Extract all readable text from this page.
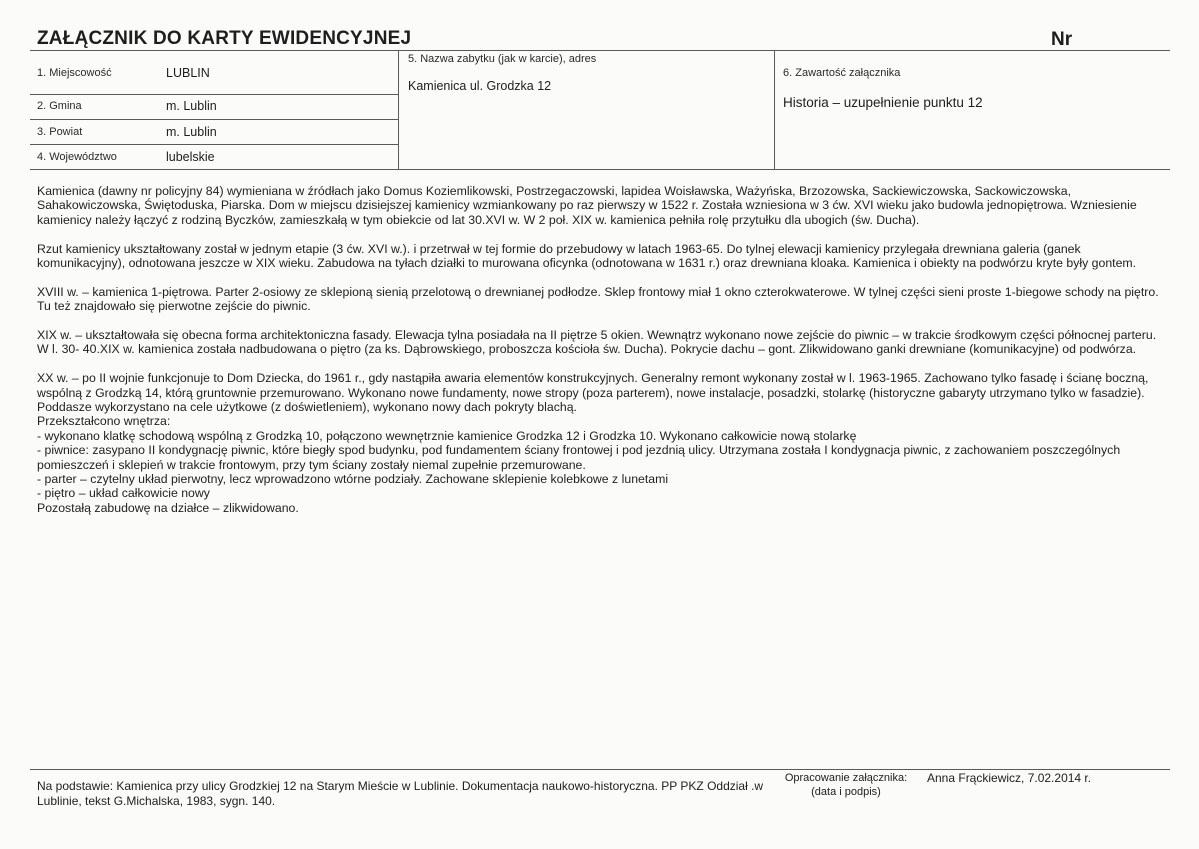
ZAŁĄCZNIK DO KARTY EWIDENCYJNEJ	Nr
1. Miejscowość	LUBLIN
2. Gmina	m. Lublin
3. Powiat	m. Lublin
4. Województwo	lubelskie
5. Nazwa zabytku (jak w karcie), adres
Kamienica ul. Grodzka 12
6. Zawartość załącznika
Historia – uzupełnienie punktu 12

Kamienica (dawny nr policyjny 84) wymieniana w źródłach jako Domus Koziemlikowski, Postrzegaczowski, lapidea Woisławska, Ważyńska, Brzozowska, Sackiewiczowska, Sackowiczowska, Sahakowiczowska, Świętoduska, Piarska. Dom w miejscu dzisiejszej kamienicy wzmiankowany po raz pierwszy w 1522 r. Została wzniesiona w 3 ćw. XVI wieku jako budowla jednopiętrowa. Wzniesienie kamienicy należy łączyć z rodziną Byczków, zamieszkałą w tym obiekcie od lat 30.XVI w. W 2 poł. XIX w. kamienica pełniła rolę przytułku dla ubogich (św. Ducha).

Rzut kamienicy ukształtowany został w jednym etapie (3 ćw. XVI w.). i przetrwał w tej formie do przebudowy w latach 1963-65. Do tylnej elewacji kamienicy przylegała drewniana galeria (ganek komunikacyjny), odnotowana jeszcze w XIX wieku. Zabudowa na tyłach działki to murowana oficynka (odnotowana w 1631 r.) oraz drewniana kloaka. Kamienica i obiekty na podwórzu kryte były gontem.

XVIII w. – kamienica 1-piętrowa. Parter 2-osiowy ze sklepioną sienią przelotową o drewnianej podłodze. Sklep frontowy miał 1 okno czterokwaterowe. W tylnej części sieni proste 1-biegowe schody na piętro. Tu też znajdowało się pierwotne zejście do piwnic.

XIX w. – ukształtowała się obecna forma architektoniczna fasady. Elewacja tylna posiadała na II piętrze 5 okien. Wewnątrz wykonano nowe zejście do piwnic – w trakcie środkowym części północnej parteru. W l. 30- 40.XIX w. kamienica została nadbudowana o piętro (za ks. Dąbrowskiego, proboszcza kościoła św. Ducha). Pokrycie dachu – gont. Zlikwidowano ganki drewniane (komunikacyjne) od podwórza.

XX w. – po II wojnie funkcjonuje to Dom Dziecka, do 1961 r., gdy nastąpiła awaria elementów konstrukcyjnych. Generalny remont wykonany został w l. 1963-1965. Zachowano tylko fasadę i ścianę boczną, wspólną z Grodzką 14, którą gruntownie przemurowano. Wykonano nowe fundamenty, nowe stropy (poza parterem), nowe instalacje, posadzki, stolarkę (historyczne gabaryty utrzymano tylko w fasadzie). Poddasze wykorzystano na cele użytkowe (z doświetleniem), wykonano nowy dach pokryty blachą.

Przekształcono wnętrza:

- wykonano klatkę schodową wspólną z Grodzką 10, połączono wewnętrznie kamienice Grodzka 12 i Grodzka 10. Wykonano całkowicie nową stolarkę

- piwnice: zasypano II kondygnację piwnic, które biegły spod budynku, pod fundamentem ściany frontowej i pod jezdnią ulicy. Utrzymana została I kondygnacja piwnic, z zachowaniem poszczególnych pomieszczeń i sklepień w trakcie frontowym, przy tym ściany zostały niemal zupełnie przemurowane.

- parter – czytelny układ pierwotny, lecz wprowadzono wtórne podziały. Zachowane sklepienie kolebkowe z lunetami

- piętro – układ całkowicie nowy

Pozostałą zabudowę na działce – zlikwidowano.

Na podstawie: Kamienica przy ulicy Grodzkiej 12 na Starym Mieście w Lublinie. Dokumentacja naukowo-historyczna. PP PKZ Oddział .w Lublinie, tekst G.Michalska, 1983, sygn. 140.
Opracowanie załącznika:
(data i podpis)
Anna Frąckiewicz, 7.02.2014 r.
